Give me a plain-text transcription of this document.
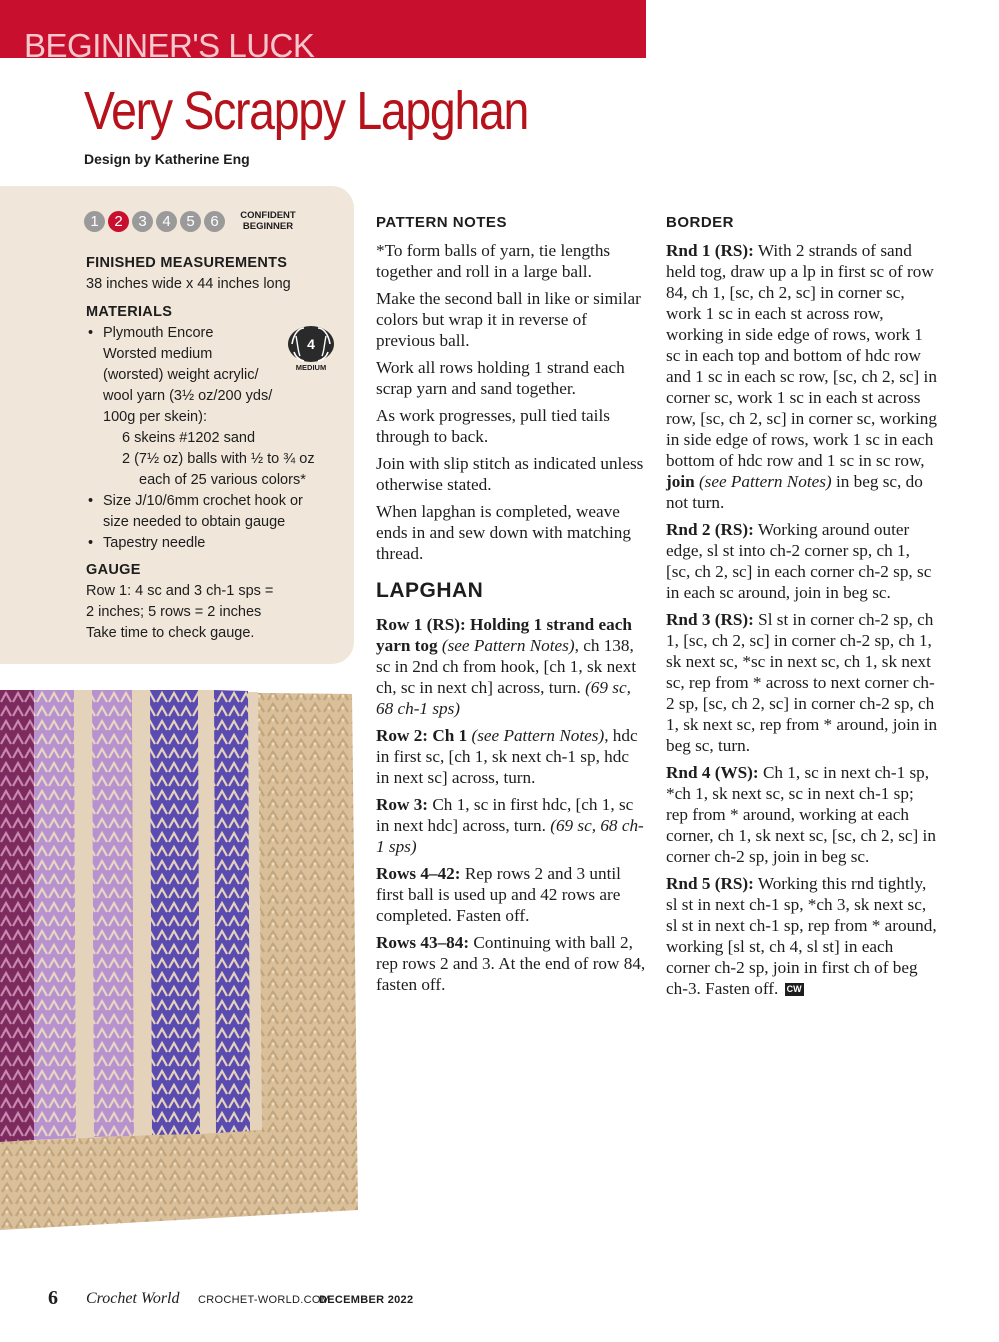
BEGINNER'S LUCK
Very Scrappy Lapghan
Design by Katherine Eng
1	2	3	4	5	6	CONFIDENT
BEGINNER
FINISHED MEASUREMENTS

38 inches wide x 44 inches long

MATERIALS
• Plymouth Encore
Worsted medium
(worsted) weight acrylic/
wool yarn (3½ oz/200 yds/
100g per skein):
6 skeins #1202 sand
2 (7½ oz) balls with ½ to ¾ oz
each of 25 various colors*
• Size J/10/6mm crochet hook or
size needed to obtain gauge
• Tapestry needle
4
MEDIUM
GAUGE

Row 1: 4 sc and 3 ch-1 sps =

2 inches; 5 rows = 2 inches

Take time to check gauge.

PATTERN NOTES

*To form balls of yarn, tie lengths together and roll in a large ball.

Make the second ball in like or similar colors but wrap it in reverse of previous ball.

Work all rows holding 1 strand each scrap yarn and sand together.

As work progresses, pull tied tails through to back.

Join with slip stitch as indicated unless otherwise stated.

When lapghan is completed, weave ends in and sew down with matching thread.

LAPGHAN

Row 1 (RS): Holding 1 strand each yarn tog (see Pattern Notes), ch 138, sc in 2nd ch from hook, [ch 1, sk next ch, sc in next ch] across, turn. (69 sc, 68 ch-1 sps)

Row 2: Ch 1 (see Pattern Notes), hdc in first sc, [ch 1, sk next ch-1 sp, hdc in next sc] across, turn.

Row 3: Ch 1, sc in first hdc, [ch 1, sc in next hdc] across, turn. (69 sc, 68 ch-1 sps)

Rows 4–42: Rep rows 2 and 3 until first ball is used up and 42 rows are completed. Fasten off.

Rows 43–84: Continuing with ball 2, rep rows 2 and 3. At the end of row 84, fasten off.

BORDER

Rnd 1 (RS): With 2 strands of sand held tog, draw up a lp in first sc of row 84, ch 1, [sc, ch 2, sc] in corner sc, work 1 sc in each st across row, working in side edge of rows, work 1 sc in each top and bottom of hdc row and 1 sc in each sc row, [sc, ch 2, sc] in corner sc, work 1 sc in each st across row, [sc, ch 2, sc] in corner sc, working in side edge of rows, work 1 sc in each bottom of hdc row and 1 sc in sc row, join (see Pattern Notes) in beg sc, do not turn.

Rnd 2 (RS): Working around outer edge, sl st into ch-2 corner sp, ch 1, [sc, ch 2, sc] in each corner ch-2 sp, sc in each sc around, join in beg sc.

Rnd 3 (RS): Sl st in corner ch-2 sp, ch 1, [sc, ch 2, sc] in corner ch-2 sp, ch 1, sk next sc, *sc in next sc, ch 1, sk next sc, rep from * across to next corner ch-2 sp, [sc, ch 2, sc] in corner ch-2 sp, ch 1, sk next sc, rep from * around, join in beg sc, turn.

Rnd 4 (WS): Ch 1, sc in next ch-1 sp, *ch 1, sk next sc, sc in next ch-1 sp; rep from * around, working at each corner, ch 1, sk next sc, [sc, ch 2, sc] in corner ch-2 sp, join in beg sc.

Rnd 5 (RS): Working this rnd tightly, sl st in next ch-1 sp, *ch 3, sk next sc, sl st in next ch-1 sp, rep from * around, working [sl st, ch 4, sl st] in each corner ch-2 sp, join in first ch of beg ch-3. Fasten off. CW

6 Crochet World CROCHET-WORLD.COM
DECEMBER 2022
